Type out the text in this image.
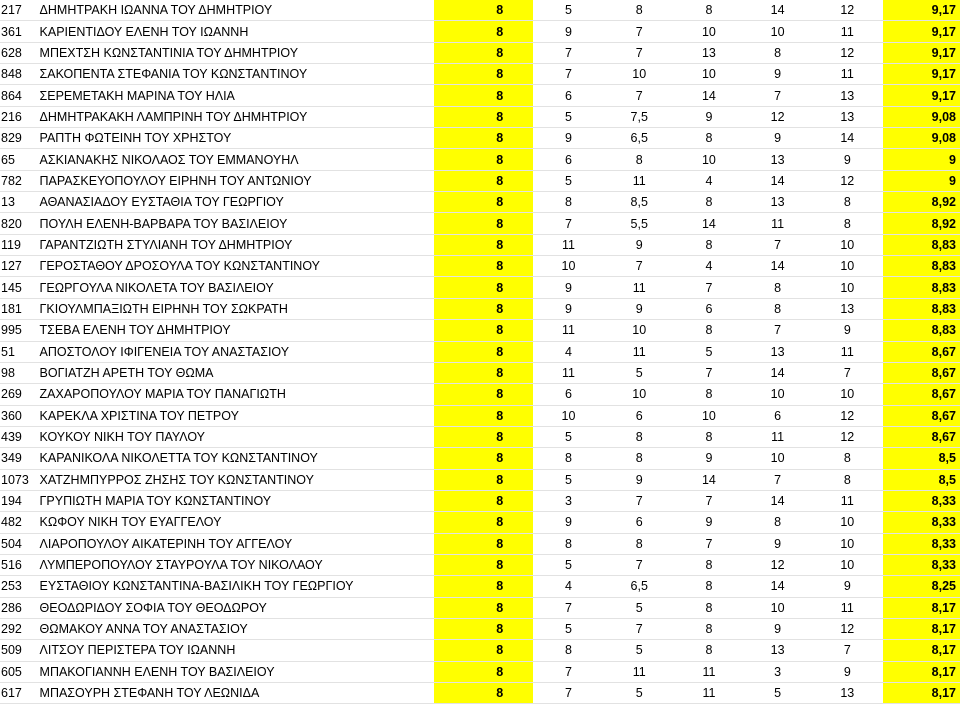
217	ΔΗΜΗΤΡΑΚΗ ΙΩΑΝΝΑ ΤΟΥ ΔΗΜΗΤΡΙΟΥ	8	5	8	8	14	12	9,17
361	ΚΑΡΙΕΝΤΙΔΟΥ ΕΛΕΝΗ ΤΟΥ ΙΩΑΝΝΗ	8	9	7	10	10	11	9,17
628	ΜΠΕΧΤΣΗ ΚΩΝΣΤΑΝΤΙΝΙΑ ΤΟΥ ΔΗΜΗΤΡΙΟΥ	8	7	7	13	8	12	9,17
848	ΣΑΚΟΠΕΝΤΑ ΣΤΕΦΑΝΙΑ ΤΟΥ ΚΩΝΣΤΑΝΤΙΝΟΥ	8	7	10	10	9	11	9,17
864	ΣΕΡΕΜΕΤΑΚΗ ΜΑΡΙΝΑ ΤΟΥ ΗΛΙΑ	8	6	7	14	7	13	9,17
216	ΔΗΜΗΤΡΑΚΑΚΗ ΛΑΜΠΡΙΝΗ ΤΟΥ ΔΗΜΗΤΡΙΟΥ	8	5	7,5	9	12	13	9,08
829	ΡΑΠΤΗ ΦΩΤΕΙΝΗ ΤΟΥ ΧΡΗΣΤΟΥ	8	9	6,5	8	9	14	9,08
65	ΑΣΚΙΑΝΑΚΗΣ ΝΙΚΟΛΑΟΣ ΤΟΥ ΕΜΜΑΝΟΥΗΛ	8	6	8	10	13	9	9
782	ΠΑΡΑΣΚΕΥΟΠΟΥΛΟΥ ΕΙΡΗΝΗ ΤΟΥ ΑΝΤΩΝΙΟΥ	8	5	11	4	14	12	9
13	ΑΘΑΝΑΣΙΑΔΟΥ ΕΥΣΤΑΘΙΑ ΤΟΥ ΓΕΩΡΓΙΟΥ	8	8	8,5	8	13	8	8,92
820	ΠΟΥΛΗ ΕΛΕΝΗ-ΒΑΡΒΑΡΑ ΤΟΥ ΒΑΣΙΛΕΙΟΥ	8	7	5,5	14	11	8	8,92
119	ΓΑΡΑΝΤΖΙΩΤΗ ΣΤΥΛΙΑΝΗ ΤΟΥ ΔΗΜΗΤΡΙΟΥ	8	11	9	8	7	10	8,83
127	ΓΕΡΟΣΤΑΘΟΥ ΔΡΟΣΟΥΛΑ ΤΟΥ ΚΩΝΣΤΑΝΤΙΝΟΥ	8	10	7	4	14	10	8,83
145	ΓΕΩΡΓΟΥΛΑ ΝΙΚΟΛΕΤΑ ΤΟΥ ΒΑΣΙΛΕΙΟΥ	8	9	11	7	8	10	8,83
181	ΓΚΙΟΥΛΜΠΑΞΙΩΤΗ ΕΙΡΗΝΗ ΤΟΥ ΣΩΚΡΑΤΗ	8	9	9	6	8	13	8,83
995	ΤΣΕΒΑ ΕΛΕΝΗ ΤΟΥ ΔΗΜΗΤΡΙΟΥ	8	11	10	8	7	9	8,83
51	ΑΠΟΣΤΟΛΟΥ ΙΦΙΓΕΝΕΙΑ ΤΟΥ ΑΝΑΣΤΑΣΙΟΥ	8	4	11	5	13	11	8,67
98	ΒΟΓΙΑΤΖΗ ΑΡΕΤΗ ΤΟΥ ΘΩΜΑ	8	11	5	7	14	7	8,67
269	ΖΑΧΑΡΟΠΟΥΛΟΥ ΜΑΡΙΑ ΤΟΥ ΠΑΝΑΓΙΩΤΗ	8	6	10	8	10	10	8,67
360	ΚΑΡΕΚΛΑ ΧΡΙΣΤΙΝΑ ΤΟΥ ΠΕΤΡΟΥ	8	10	6	10	6	12	8,67
439	ΚΟΥΚΟΥ ΝΙΚΗ ΤΟΥ ΠΑΥΛΟΥ	8	5	8	8	11	12	8,67
349	ΚΑΡΑΝΙΚΟΛΑ ΝΙΚΟΛΕΤΤΑ ΤΟΥ ΚΩΝΣΤΑΝΤΙΝΟΥ	8	8	8	9	10	8	8,5
1073	ΧΑΤΖΗΜΠΥΡΡΟΣ ΖΗΣΗΣ ΤΟΥ ΚΩΝΣΤΑΝΤΙΝΟΥ	8	5	9	14	7	8	8,5
194	ΓΡΥΠΙΩΤΗ ΜΑΡΙΑ ΤΟΥ ΚΩΝΣΤΑΝΤΙΝΟΥ	8	3	7	7	14	11	8,33
482	ΚΩΦΟΥ ΝΙΚΗ ΤΟΥ ΕΥΑΓΓΕΛΟΥ	8	9	6	9	8	10	8,33
504	ΛΙΑΡΟΠΟΥΛΟΥ ΑΙΚΑΤΕΡΙΝΗ ΤΟΥ ΑΓΓΕΛΟΥ	8	8	8	7	9	10	8,33
516	ΛΥΜΠΕΡΟΠΟΥΛΟΥ ΣΤΑΥΡΟΥΛΑ ΤΟΥ ΝΙΚΟΛΑΟΥ	8	5	7	8	12	10	8,33
253	ΕΥΣΤΑΘΙΟΥ ΚΩΝΣΤΑΝΤΙΝΑ-ΒΑΣΙΛΙΚΗ ΤΟΥ ΓΕΩΡΓΙΟΥ	8	4	6,5	8	14	9	8,25
286	ΘΕΟΔΩΡΙΔΟΥ ΣΟΦΙΑ ΤΟΥ ΘΕΟΔΩΡΟΥ	8	7	5	8	10	11	8,17
292	ΘΩΜΑΚΟΥ ΑΝΝΑ ΤΟΥ ΑΝΑΣΤΑΣΙΟΥ	8	5	7	8	9	12	8,17
509	ΛΙΤΣΟΥ ΠΕΡΙΣΤΕΡΑ ΤΟΥ ΙΩΑΝΝΗ	8	8	5	8	13	7	8,17
605	ΜΠΑΚΟΓΙΑΝΝΗ ΕΛΕΝΗ ΤΟΥ ΒΑΣΙΛΕΙΟΥ	8	7	11	11	3	9	8,17
617	ΜΠΑΣΟΥΡΗ ΣΤΕΦΑΝΗ ΤΟΥ ΛΕΩΝΙΔΑ	8	7	5	11	5	13	8,17
